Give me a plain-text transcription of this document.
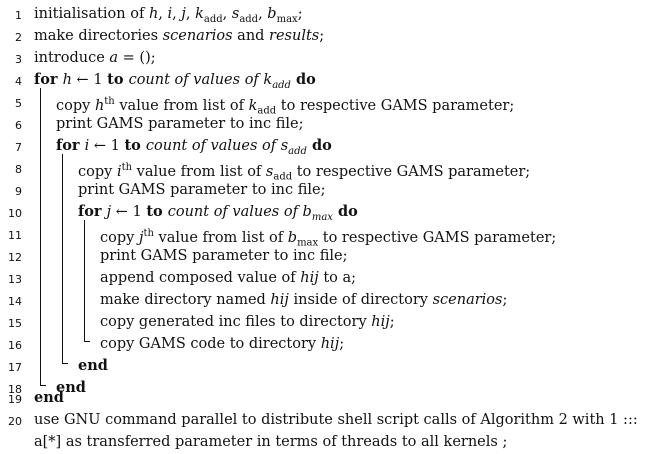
1 initialisation of h, i, j, $k_{add}$, $s_{add}$, $b_{max}$;
2 make directories scenarios and results;
3 introduce a = ();
4 for h ← 1 to count of values of $k_{add}$ do
5 copy $h^{th}$ value from list of $k_{add}$ to respective GAMS parameter;
6 print GAMS parameter to inc file;
7 for i ← 1 to count of values of $s_{add}$ do
8	copy $i^{th}$ value from list of $s_{add}$ to respective GAMS parameter;
9	print GAMS parameter to inc file;
10	for j ← 1 to count of values of $b_{max}$ do
11	copy $j^{th}$ value from list of $b_{max}$ to respective GAMS parameter;
12	print GAMS parameter to inc file;
13	append composed value of hij to a;
14	make directory named hij inside of directory scenarios;
15	copy generated inc files to directory hij;
16	copy GAMS code to directory hij;
17	end
18 end
19 end
20 use GNU command parallel to distribute shell script calls of Algorithm 2 with 1 :::
a[*] as transferred parameter in terms of threads to all kernels ;
